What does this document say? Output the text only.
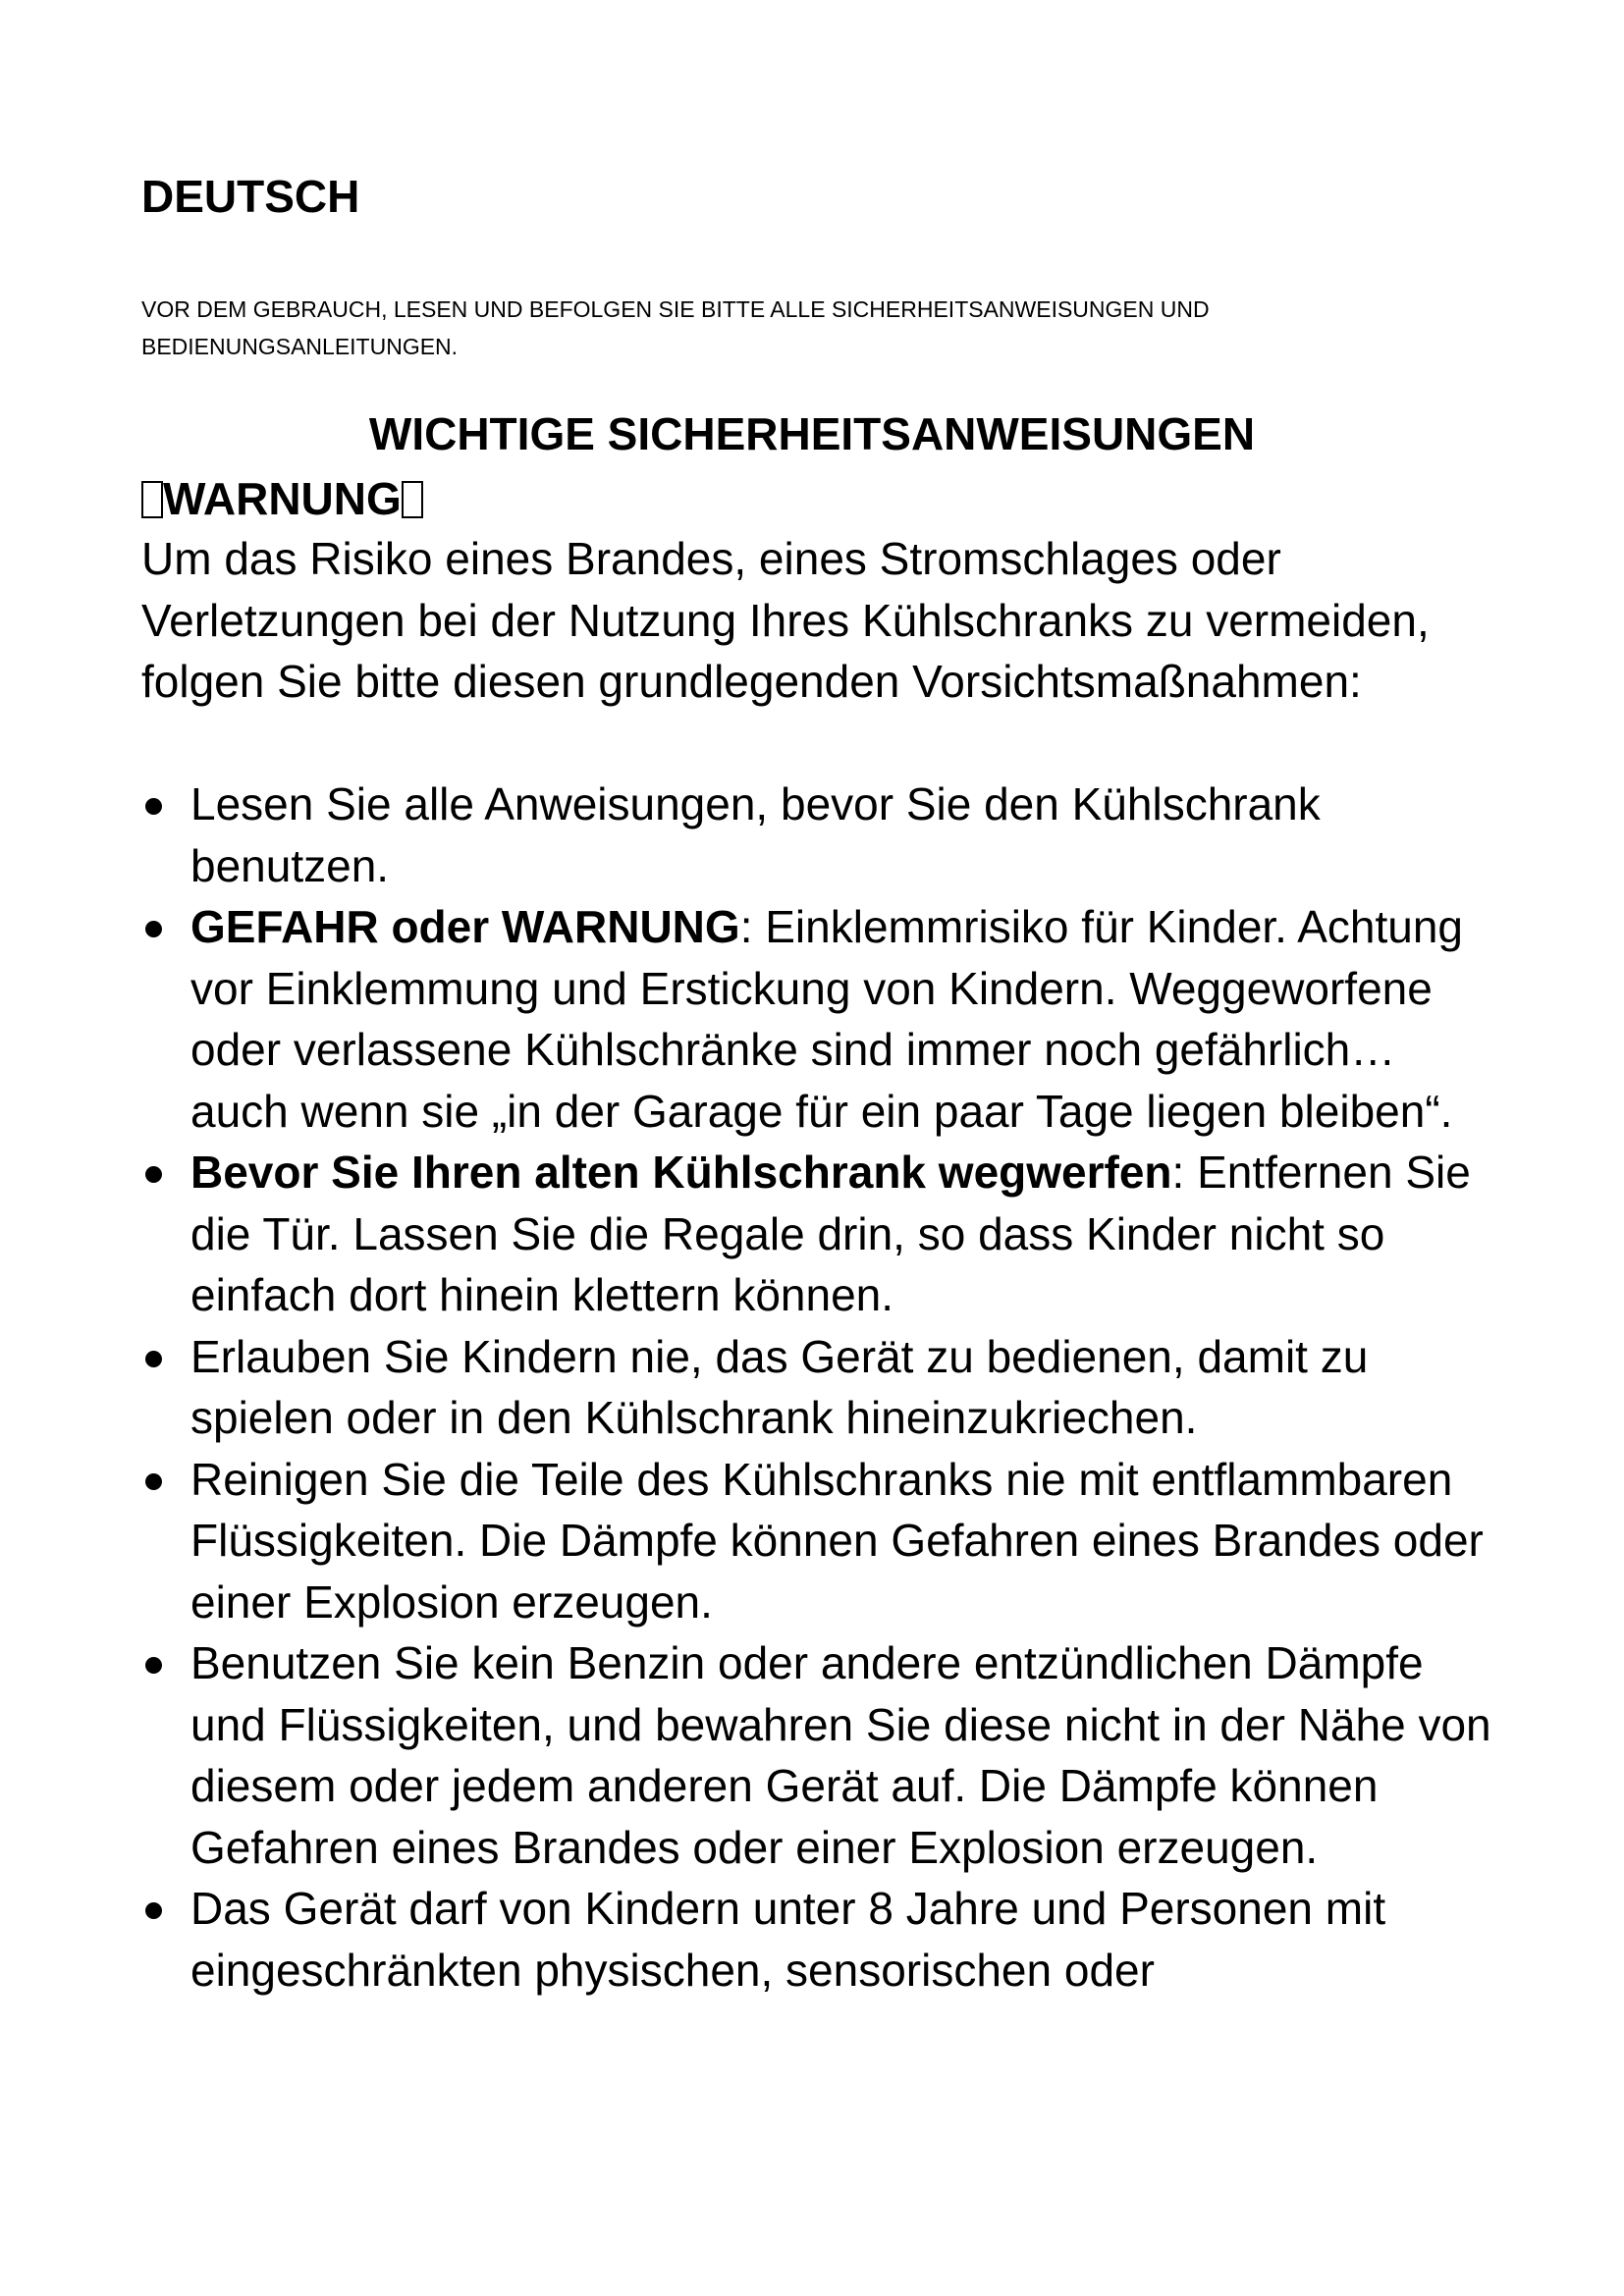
DEUTSCH

VOR DEM GEBRAUCH, LESEN UND BEFOLGEN SIE BITTE ALLE SICHERHEITSANWEISUNGEN UND BEDIENUNGSANLEITUNGEN.

WICHTIGE SICHERHEITSANWEISUNGEN
WARNUNG

Um das Risiko eines Brandes, eines Stromschlages oder Verletzungen bei der Nutzung Ihres Kühlschranks zu vermeiden, folgen Sie bitte diesen grundlegenden Vorsichtsmaßnahmen:

Lesen Sie alle Anweisungen, bevor Sie den Kühlschrank benutzen.
GEFAHR oder WARNUNG: Einklemmrisiko für Kinder. Achtung vor Einklemmung und Erstickung von Kindern. Weggeworfene oder verlassene Kühlschränke sind immer noch gefährlich… auch wenn sie „in der Garage für ein paar Tage liegen bleiben“.
Bevor Sie Ihren alten Kühlschrank wegwerfen: Entfernen Sie die Tür. Lassen Sie die Regale drin, so dass Kinder nicht so einfach dort hinein klettern können.
Erlauben Sie Kindern nie, das Gerät zu bedienen, damit zu spielen oder in den Kühlschrank hineinzukriechen.
Reinigen Sie die Teile des Kühlschranks nie mit entflammbaren Flüssigkeiten. Die Dämpfe können Gefahren eines Brandes oder einer Explosion erzeugen.
Benutzen Sie kein Benzin oder andere entzündlichen Dämpfe und Flüssigkeiten, und bewahren Sie diese nicht in der Nähe von diesem oder jedem anderen Gerät auf. Die Dämpfe können Gefahren eines Brandes oder einer Explosion erzeugen.
Das Gerät darf von Kindern unter 8 Jahre und Personen mit eingeschränkten physischen, sensorischen oder
